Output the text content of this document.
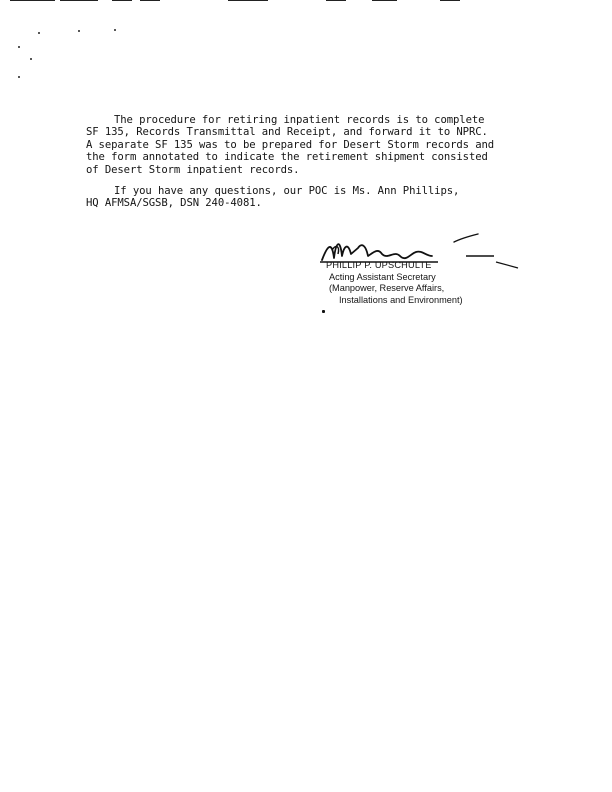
The procedure for retiring inpatient records is to complete
SF 135, Records Transmittal and Receipt, and forward it to NPRC.
A separate SF 135 was to be prepared for Desert Storm records and
the form annotated to indicate the retirement shipment consisted
of Desert Storm inpatient records.
If you have any questions, our POC is Ms. Ann Phillips,
HQ AFMSA/SGSB, DSN 240-4081.
PHILLIP P. UPSCHULTE
Acting Assistant Secretary
(Manpower, Reserve Affairs,
Installations and Environment)
